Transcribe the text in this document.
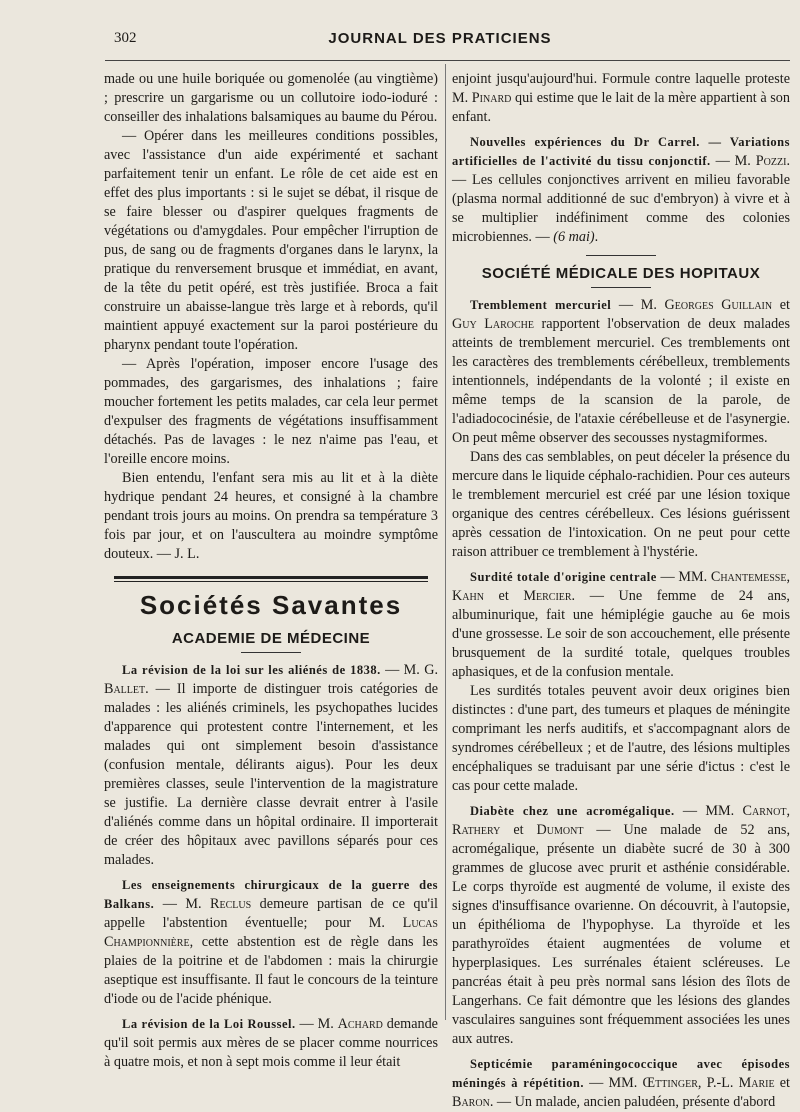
302	JOURNAL DES PRATICIENS

made ou une huile boriquée ou gomenolée (au vingtième) ; prescrire un gargarisme ou un collutoire iodo-ioduré : conseiller des inhalations balsamiques au baume du Pérou.

— Opérer dans les meilleures conditions possibles, avec l'assistance d'un aide expérimenté et sachant parfaitement tenir un enfant. Le rôle de cet aide est en effet des plus importants : si le sujet se débat, il risque de se faire blesser ou d'aspirer quelques fragments de végétations ou d'amygdales. Pour empêcher l'irruption de pus, de sang ou de fragments d'organes dans le larynx, la pratique du renversement brusque et immédiat, en avant, de la tête du petit opéré, est très justifiée. Broca a fait construire un abaisse-langue très large et à rebords, qu'il maintient appuyé exactement sur la paroi postérieure du pharynx pendant toute l'opération.

— Après l'opération, imposer encore l'usage des pommades, des gargarismes, des inhalations ; faire moucher fortement les petits malades, car cela leur permet d'expulser des fragments de végétations insuffisamment détachés. Pas de lavages : le nez n'aime pas l'eau, et l'oreille encore moins.

Bien entendu, l'enfant sera mis au lit et à la diète hydrique pendant 24 heures, et consigné à la chambre pendant trois jours au moins. On prendra sa température 3 fois par jour, et on l'auscultera au moindre symptôme douteux. — J. L.

Sociétés Savantes
ACADEMIE DE MÉDECINE

La révision de la loi sur les aliénés de 1838. — M. G. Ballet. — Il importe de distinguer trois catégories de malades : les aliénés criminels, les psychopathes lucides d'apparence qui protestent contre l'internement, et les malades qui ont simplement besoin d'assistance (confusion mentale, délirants aigus). Pour les deux premières classes, seule l'intervention de la magistrature se justifie. La dernière classe devrait entrer à l'asile d'aliénés comme dans un hôpital ordinaire. Il importerait de créer des hôpitaux avec pavillons séparés pour ces malades.

Les enseignements chirurgicaux de la guerre des Balkans. — M. Reclus demeure partisan de ce qu'il appelle l'abstention éventuelle; pour M. Lucas Championnière, cette abstention est de règle dans les plaies de la poitrine et de l'abdomen : mais la chirurgie aseptique est insuffisante. Il faut le concours de la teinture d'iode ou de l'acide phénique.

La révision de la Loi Roussel. — M. Achard demande qu'il soit permis aux mères de se placer comme nourrices à quatre mois, et non à sept mois comme il leur était

enjoint jusqu'aujourd'hui. Formule contre laquelle proteste M. Pinard qui estime que le lait de la mère appartient à son enfant.

Nouvelles expériences du Dr Carrel. — Variations artificielles de l'activité du tissu conjonctif. — M. Pozzi. — Les cellules conjonctives arrivent en milieu favorable (plasma normal additionné de suc d'embryon) à vivre et à se multiplier indéfiniment comme des colonies microbiennes. — (6 mai).

SOCIÉTÉ MÉDICALE DES HOPITAUX

Tremblement mercuriel — M. Georges Guillain et Guy Laroche rapportent l'observation de deux malades atteints de tremblement mercuriel. Ces tremblements ont les caractères des tremblements cérébelleux, tremblements intentionnels, indépendants de la volonté ; il existe en même temps de la scansion de la parole, de l'adiadococinésie, de l'ataxie cérébelleuse et de l'asynergie. On peut même observer des secousses nystagmiformes.

Dans des cas semblables, on peut déceler la présence du mercure dans le liquide céphalo-rachidien. Pour ces auteurs le tremblement mercuriel est créé par une lésion toxique organique des centres cérébelleux. Ces lésions guérissent après cessation de l'intoxication. On ne peut pour cette raison attribuer ce tremblement à l'hystérie.

Surdité totale d'origine centrale — MM. Chantemesse, Kahn et Mercier. — Une femme de 24 ans, albuminurique, fait une hémiplégie gauche au 6e mois d'une grossesse. Le soir de son accouchement, elle présente brusquement de la surdité totale, quelques troubles aphasiques, et de la confusion mentale.

Les surdités totales peuvent avoir deux origines bien distinctes : d'une part, des tumeurs et plaques de méningite comprimant les nerfs auditifs, et s'accompagnant alors de syndromes cérébelleux ; et de l'autre, des lésions multiples encéphaliques se traduisant par une série d'ictus : c'est le cas pour cette malade.

Diabète chez une acromégalique. — MM. Carnot, Rathery et Dumont — Une malade de 52 ans, acromégalique, présente un diabète sucré de 30 à 300 grammes de glucose avec prurit et asthénie considérable. Le corps thyroïde est augmenté de volume, il existe des signes d'insuffisance ovarienne. On découvrit, à l'autopsie, un épithélioma de l'hypophyse. La thyroïde et les parathyroïdes étaient augmentées de volume et hyperplasiques. Les surrénales étaient scléreuses. Le pancréas était à peu près normal sans lésion des îlots de Langerhans. Ce fait démontre que les lésions des glandes vasculaires sanguines sont fréquemment associées les unes aux autres.

Septicémie paraméningococcique avec épisodes méningés à répétition. — MM. Œttinger, P.-L. Marie et Baron. — Un malade, ancien paludéen, présente d'abord
